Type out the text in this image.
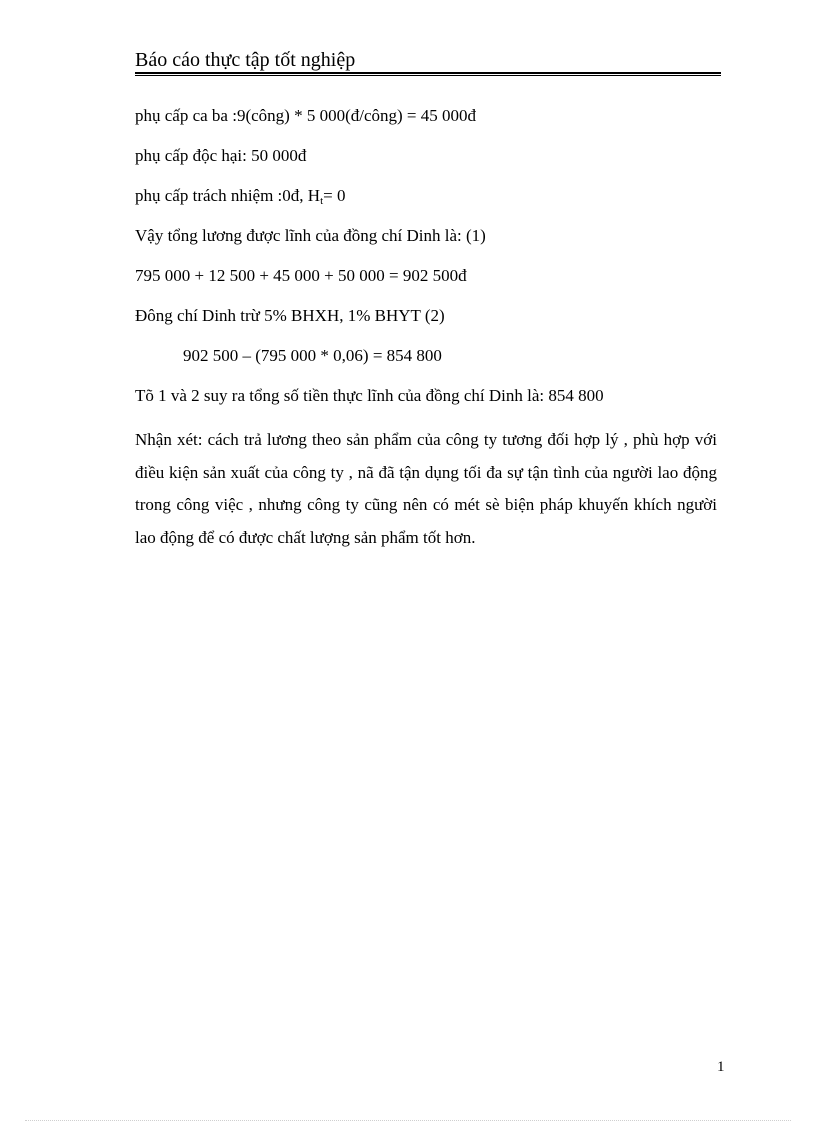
Báo cáo thực tập tốt nghiệp
phụ cấp ca ba :9(công) * 5 000(đ/công) = 45 000đ
phụ cấp độc hại: 50 000đ
phụ cấp trách nhiệm :0đ, $H_t= 0$
Vậy tổng lương được lĩnh của đồng chí Dinh là: (1)
795 000 + 12 500 + 45 000 + 50 000 = 902 500đ
Đông chí Dinh trừ 5% BHXH, 1% BHYT (2)
902 500 – (795 000 * 0,06) = 854 800
Tõ 1 và 2 suy ra tổng số tiền thực lĩnh của đồng chí Dinh là: 854 800
Nhận xét: cách trả lương theo sản phẩm của công ty tương đối hợp lý , phù hợp với điều kiện sản xuất của công ty , nã đã tận dụng tối đa sự tận tình của người lao động trong công việc , nhưng công ty cũng nên có mét sè biện pháp khuyến khích người lao động để có được chất lượng sản phẩm tốt hơn.
1
